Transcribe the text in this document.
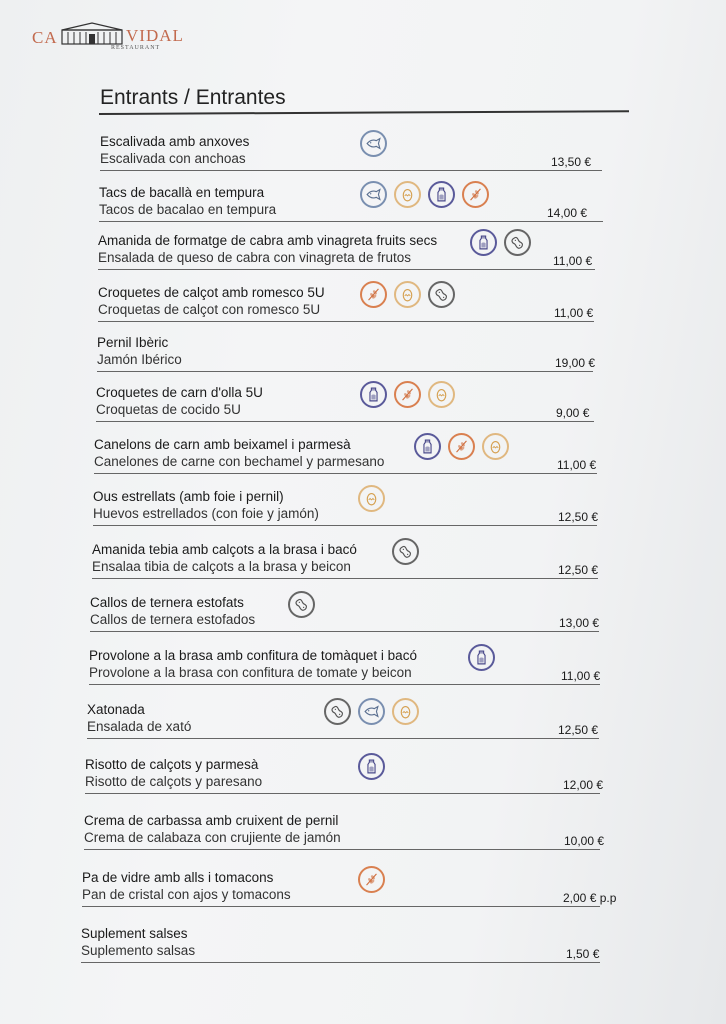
CA	VIDAL
RESTAURANT
Entrants / Entrantes
Escalivada amb anxoves
Escalivada con anchoas	13,50 €
Tacs de bacallà en tempura
Tacos de bacalao en tempura	14,00 €
Amanida de formatge de cabra amb vinagreta fruits secs
Ensalada de queso de cabra con vinagreta de frutos	11,00 €
Croquetes de calçot amb romesco 5U
Croquetas de calçot con romesco 5U	11,00 €
Pernil Ibèric
Jamón Ibérico	19,00 €
Croquetes de carn d'olla 5U
Croquetas de cocido 5U	9,00 €
Canelons de carn amb beixamel i parmesà
Canelones de carne con bechamel y parmesano	11,00 €
Ous estrellats (amb foie i pernil)
Huevos estrellados (con foie y jamón)	12,50 €
Amanida tebia amb calçots a la brasa i bacó
Ensalaa tibia de calçots a la brasa y beicon	12,50 €
Callos de ternera estofats
Callos de ternera estofados	13,00 €
Provolone a la brasa amb confitura de tomàquet i bacó
Provolone a la brasa con confitura de tomate y beicon	11,00 €
Xatonada
Ensalada de xató	12,50 €
Risotto de calçots y parmesà
Risotto de calçots y paresano	12,00 €
Crema de carbassa amb cruixent de pernil
Crema de calabaza con crujiente de jamón	10,00 €
Pa de vidre amb alls i tomacons
Pan de cristal con ajos y tomacons	2,00 € p.p
Suplement salses
Suplemento salsas	1,50 €
